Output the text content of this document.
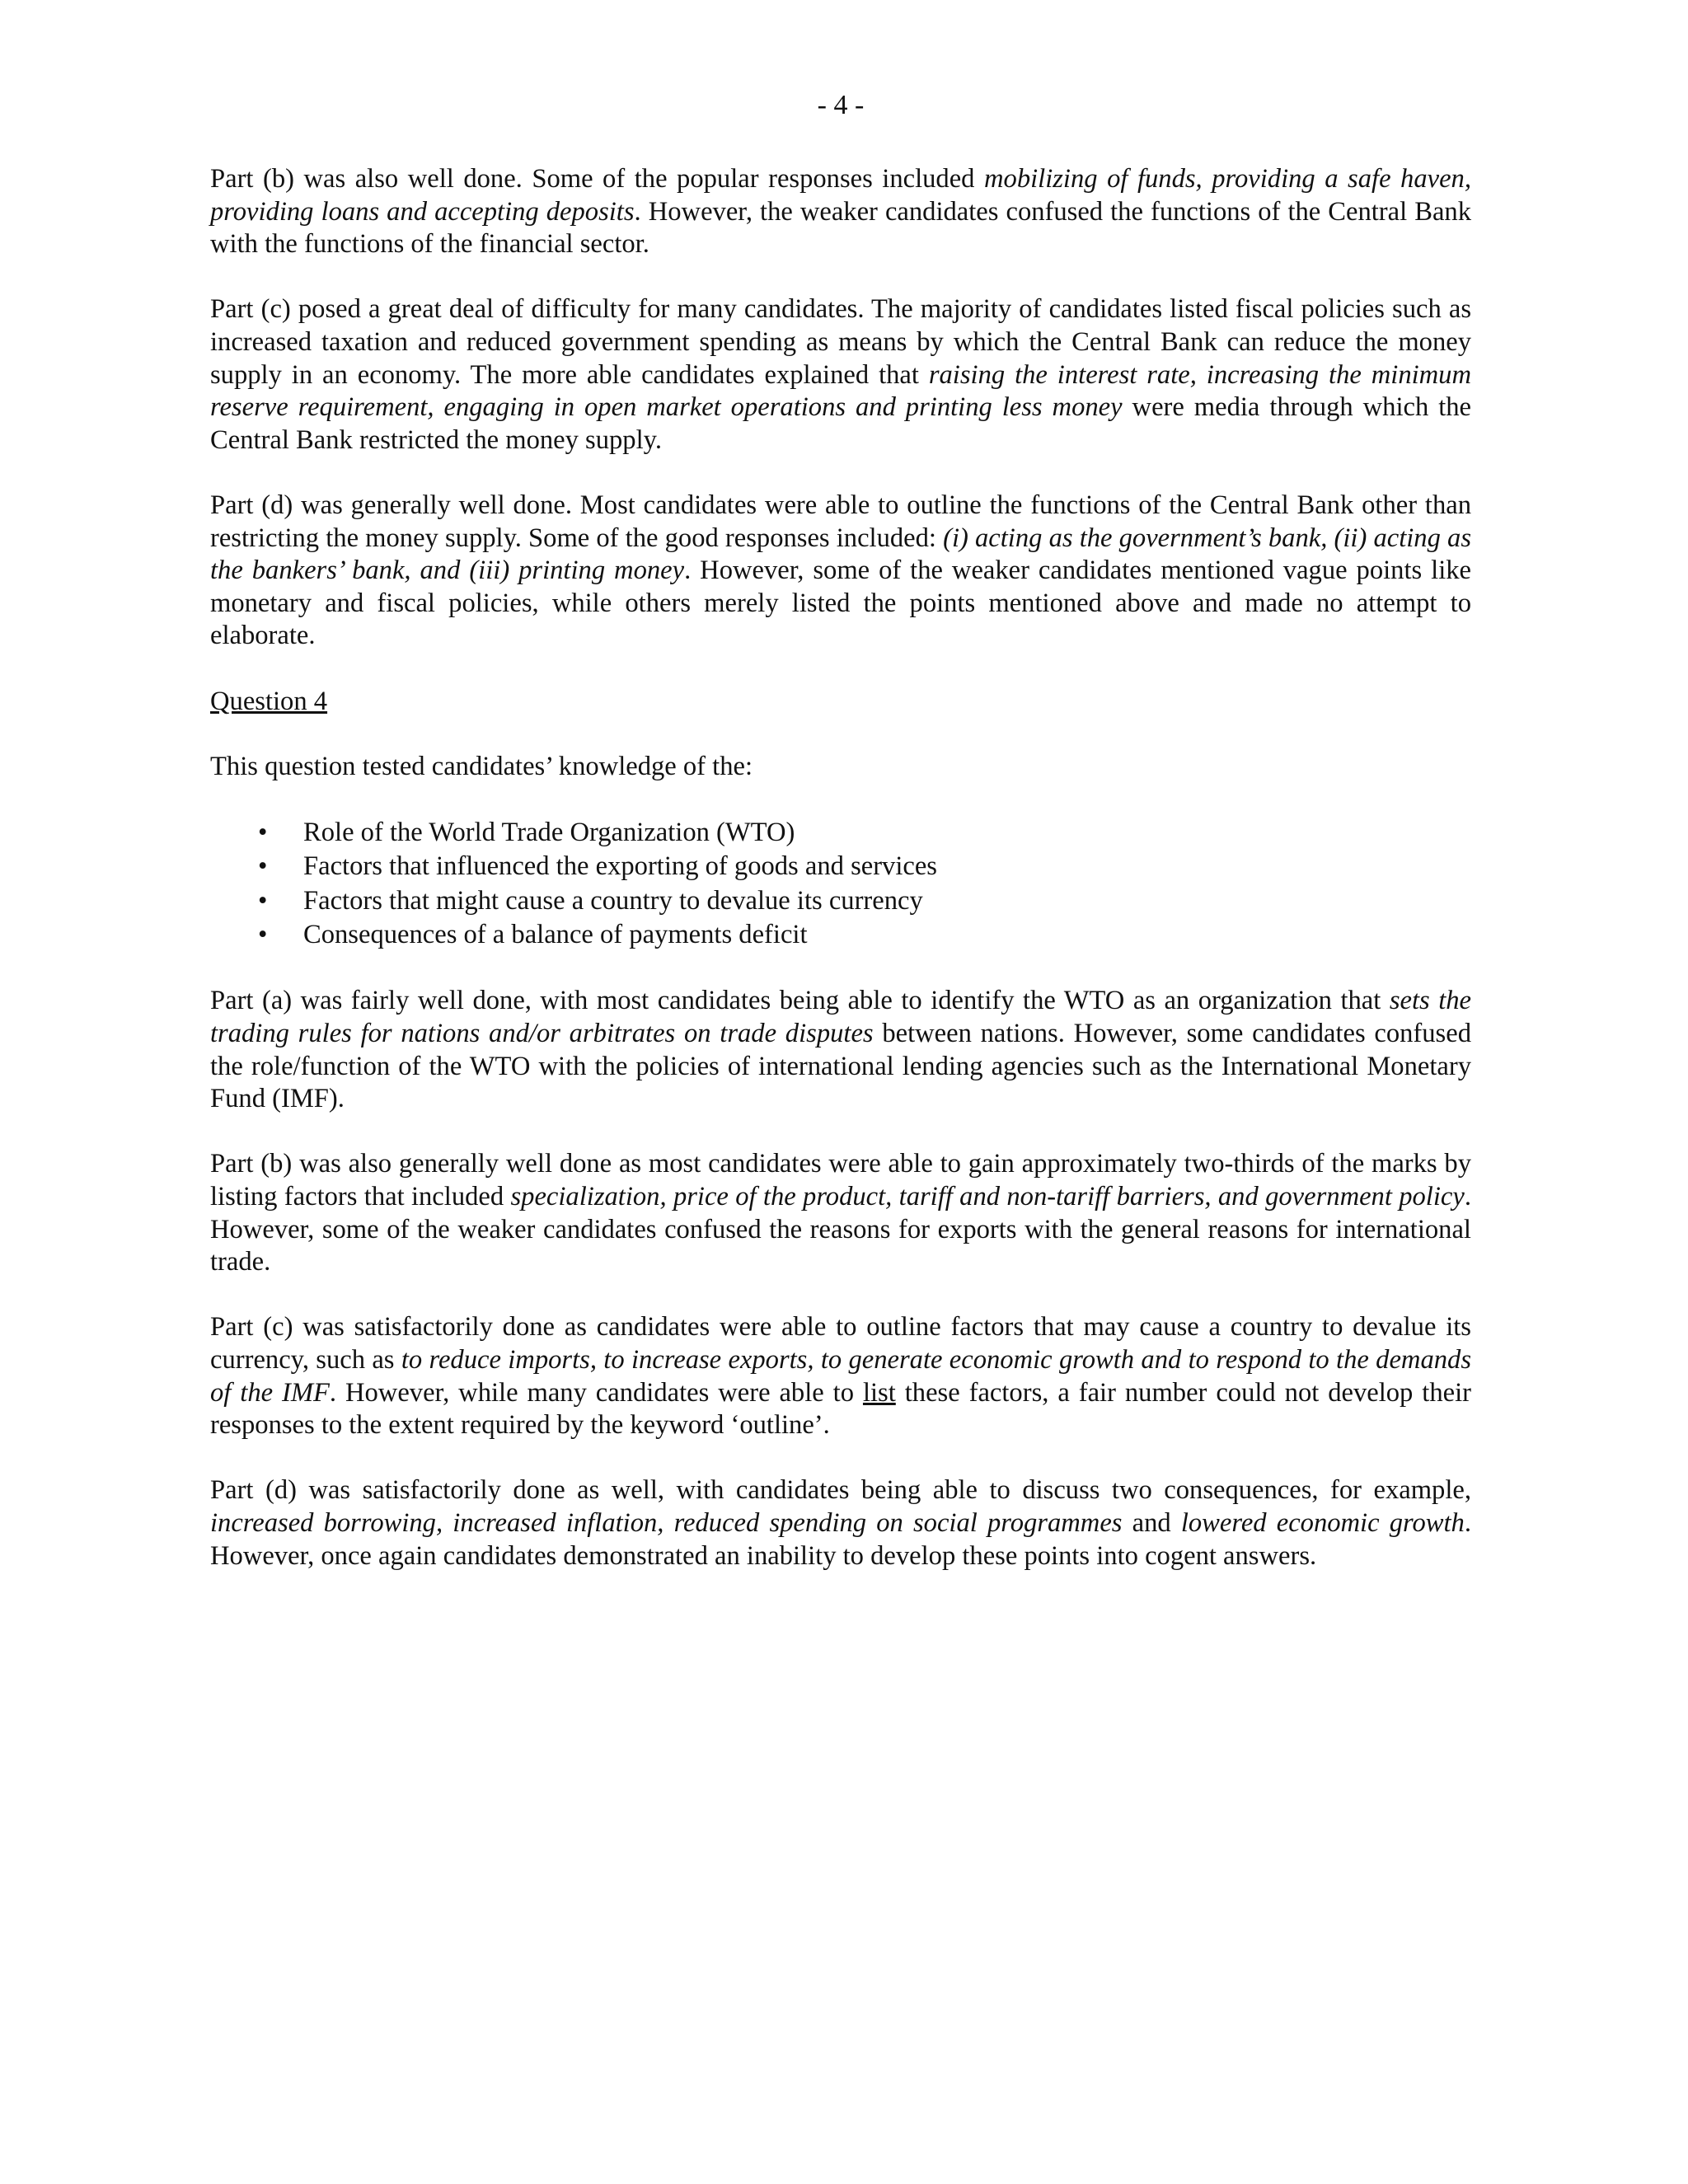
- 4 -

Part (b) was also well done. Some of the popular responses included mobilizing of funds, providing a safe haven, providing loans and accepting deposits. However, the weaker candidates confused the functions of the Central Bank with the functions of the financial sector.

Part (c) posed a great deal of difficulty for many candidates. The majority of candidates listed fiscal policies such as increased taxation and reduced government spending as means by which the Central Bank can reduce the money supply in an economy. The more able candidates explained that raising the interest rate, increasing the minimum reserve requirement, engaging in open market operations and printing less money were media through which the Central Bank restricted the money supply.

Part (d) was generally well done. Most candidates were able to outline the functions of the Central Bank other than restricting the money supply. Some of the good responses included: (i) acting as the government’s bank, (ii) acting as the bankers’ bank, and (iii) printing money. However, some of the weaker candidates mentioned vague points like monetary and fiscal policies, while others merely listed the points mentioned above and made no attempt to elaborate.

Question 4

This question tested candidates’ knowledge of the:

• Role of the World Trade Organization (WTO)
• Factors that influenced the exporting of goods and services
• Factors that might cause a country to devalue its currency
• Consequences of a balance of payments deficit

Part (a) was fairly well done, with most candidates being able to identify the WTO as an organization that sets the trading rules for nations and/or arbitrates on trade disputes between nations. However, some candidates confused the role/function of the WTO with the policies of international lending agencies such as the International Monetary Fund (IMF).

Part (b) was also generally well done as most candidates were able to gain approximately two-thirds of the marks by listing factors that included specialization, price of the product, tariff and non-tariff barriers, and government policy. However, some of the weaker candidates confused the reasons for exports with the general reasons for international trade.

Part (c) was satisfactorily done as candidates were able to outline factors that may cause a country to devalue its currency, such as to reduce imports, to increase exports, to generate economic growth and to respond to the demands of the IMF. However, while many candidates were able to list these factors, a fair number could not develop their responses to the extent required by the keyword ‘outline’.

Part (d) was satisfactorily done as well, with candidates being able to discuss two consequences, for example, increased borrowing, increased inflation, reduced spending on social programmes and lowered economic growth. However, once again candidates demonstrated an inability to develop these points into cogent answers.
